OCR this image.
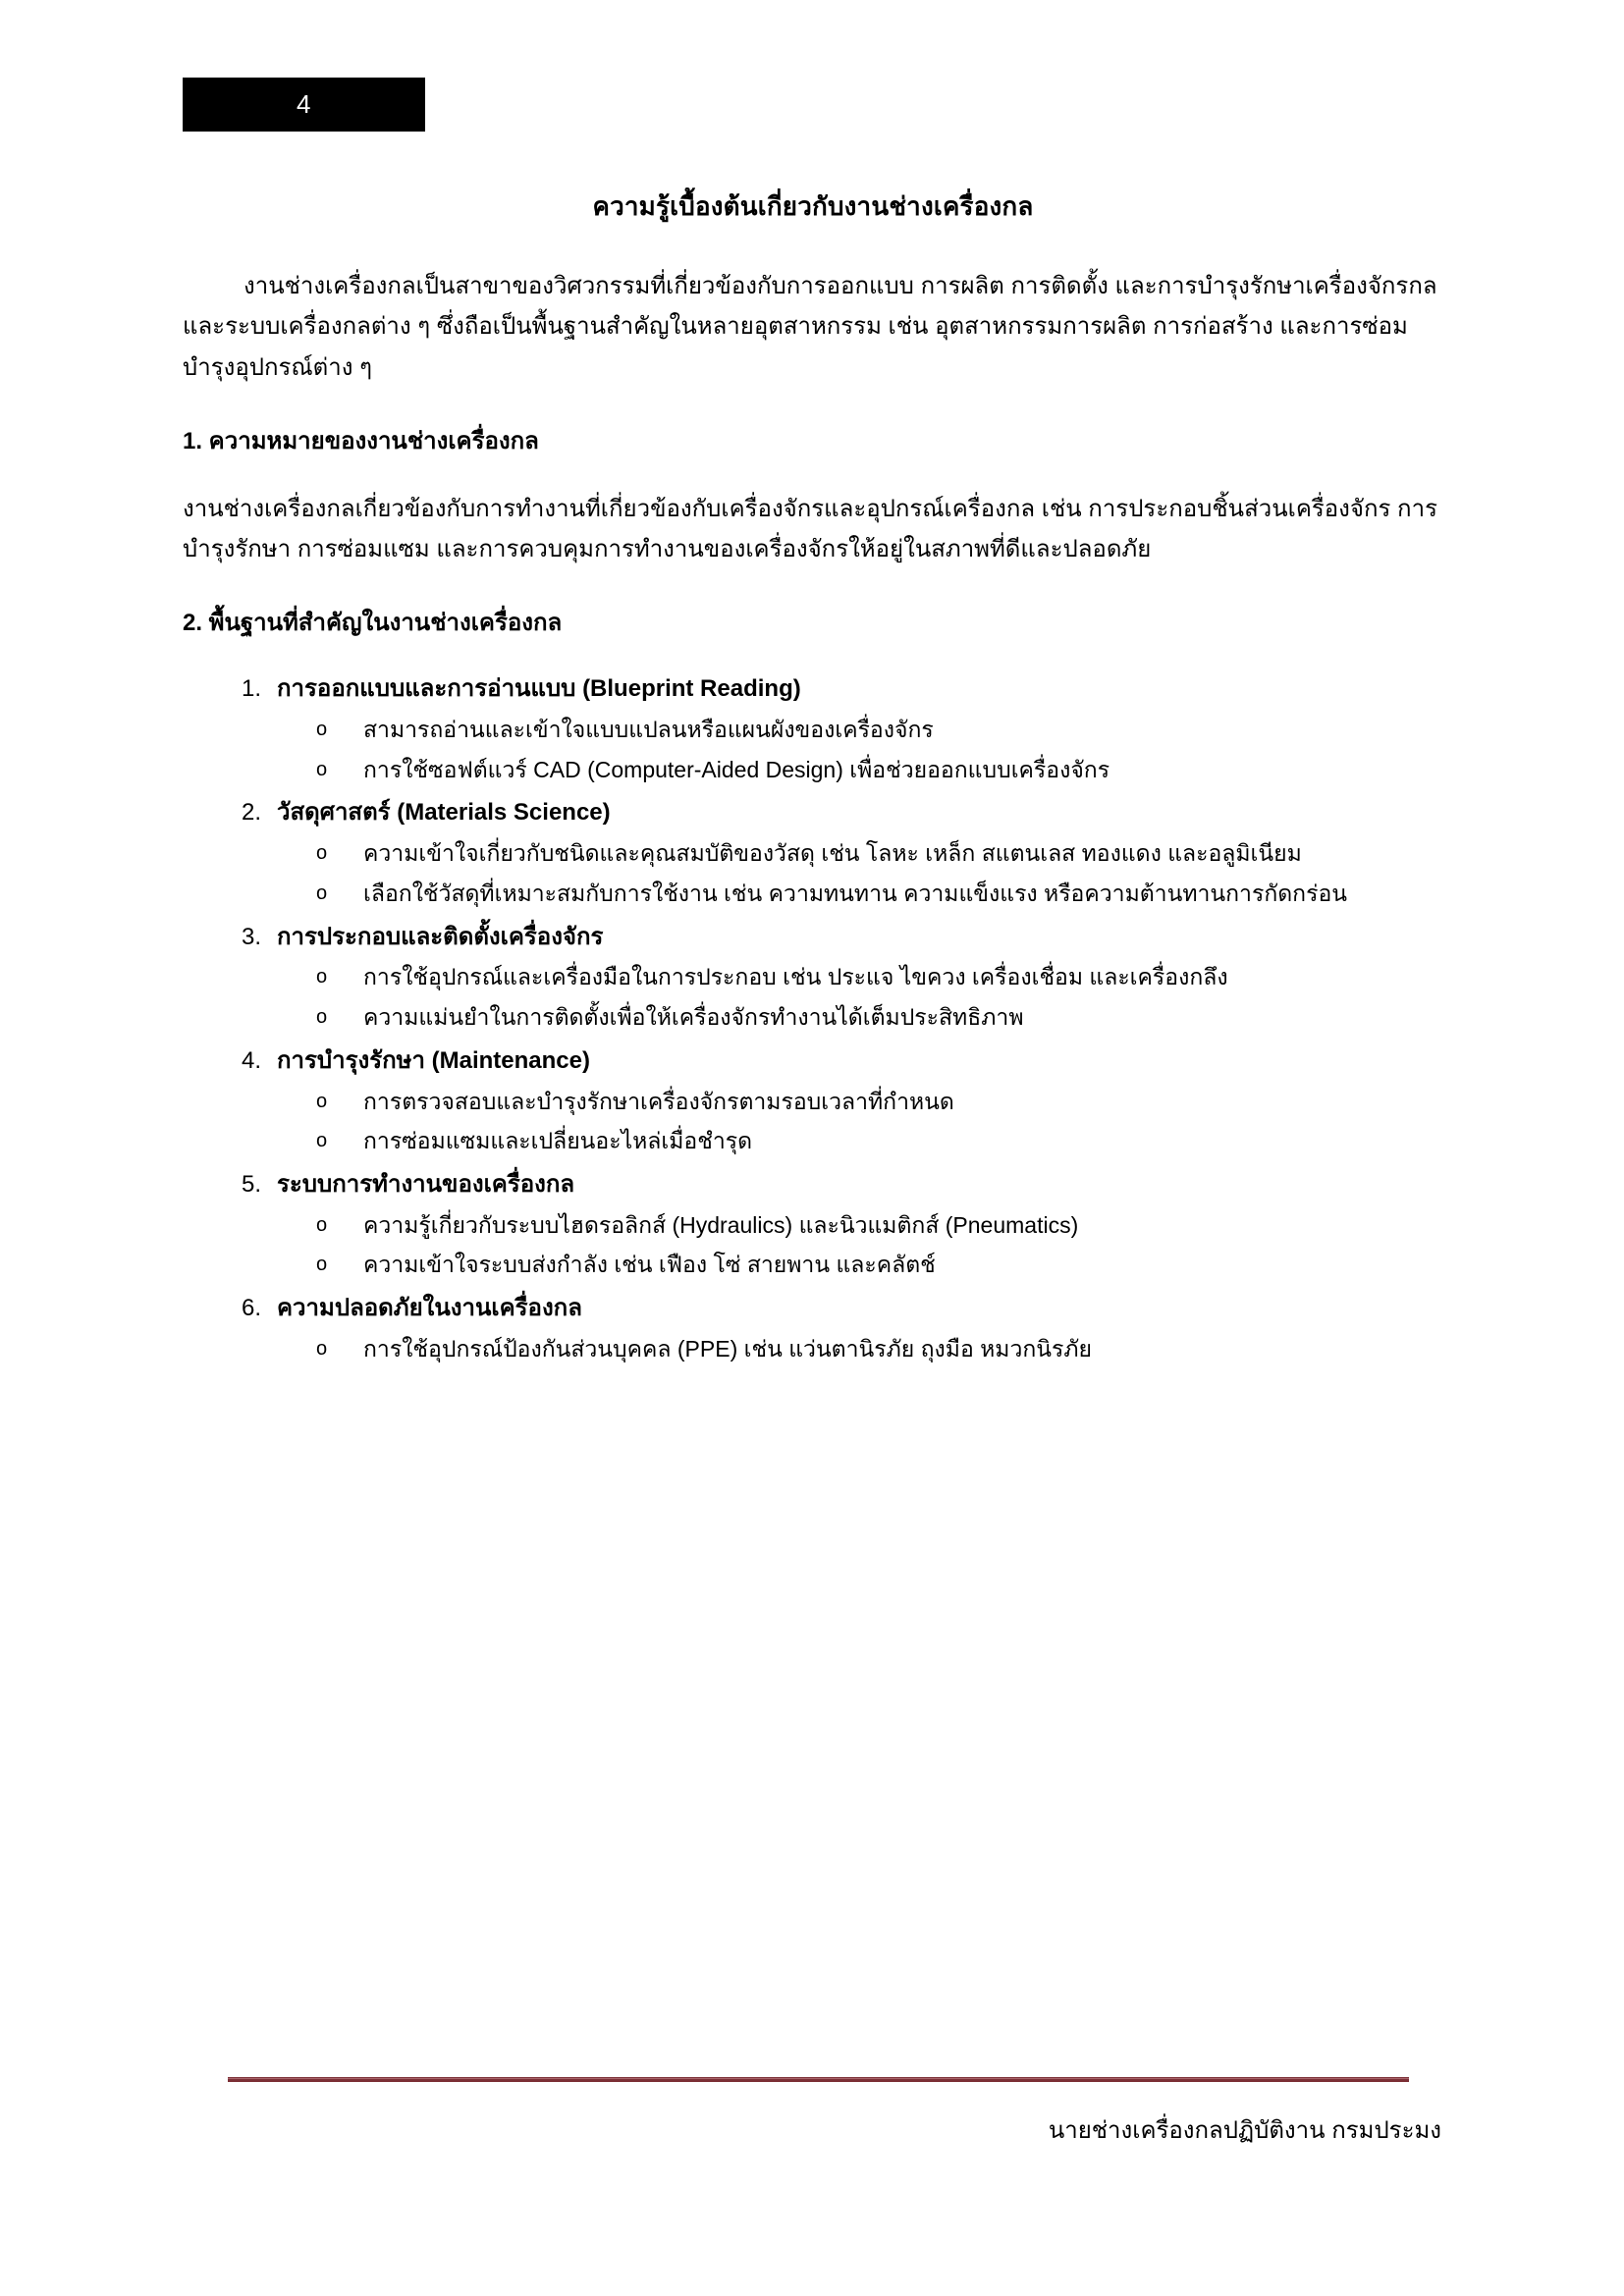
4
ความรู้เบื้องต้นเกี่ยวกับงานช่างเครื่องกล

งานช่างเครื่องกลเป็นสาขาของวิศวกรรมที่เกี่ยวข้องกับการออกแบบ การผลิต การติดตั้ง และการบำรุงรักษาเครื่องจักรกลและระบบเครื่องกลต่าง ๆ ซึ่งถือเป็นพื้นฐานสำคัญในหลายอุตสาหกรรม เช่น อุตสาหกรรมการผลิต การก่อสร้าง และการซ่อมบำรุงอุปกรณ์ต่าง ๆ

1. ความหมายของงานช่างเครื่องกล

งานช่างเครื่องกลเกี่ยวข้องกับการทำงานที่เกี่ยวข้องกับเครื่องจักรและอุปกรณ์เครื่องกล เช่น การประกอบชิ้นส่วนเครื่องจักร การบำรุงรักษา การซ่อมแซม และการควบคุมการทำงานของเครื่องจักรให้อยู่ในสภาพที่ดีและปลอดภัย

2. พื้นฐานที่สำคัญในงานช่างเครื่องกล
1. การออกแบบและการอ่านแบบ (Blueprint Reading)
o สามารถอ่านและเข้าใจแบบแปลนหรือแผนผังของเครื่องจักร
o การใช้ซอฟต์แวร์ CAD (Computer-Aided Design) เพื่อช่วยออกแบบเครื่องจักร
2. วัสดุศาสตร์ (Materials Science)
o ความเข้าใจเกี่ยวกับชนิดและคุณสมบัติของวัสดุ เช่น โลหะ เหล็ก สแตนเลส ทองแดง และอลูมิเนียม
o เลือกใช้วัสดุที่เหมาะสมกับการใช้งาน เช่น ความทนทาน ความแข็งแรง หรือความต้านทานการกัดกร่อน
3. การประกอบและติดตั้งเครื่องจักร
o การใช้อุปกรณ์และเครื่องมือในการประกอบ เช่น ประแจ ไขควง เครื่องเชื่อม และเครื่องกลึง
o ความแม่นยำในการติดตั้งเพื่อให้เครื่องจักรทำงานได้เต็มประสิทธิภาพ
4. การบำรุงรักษา (Maintenance)
o การตรวจสอบและบำรุงรักษาเครื่องจักรตามรอบเวลาที่กำหนด
o การซ่อมแซมและเปลี่ยนอะไหล่เมื่อชำรุด
5. ระบบการทำงานของเครื่องกล
o ความรู้เกี่ยวกับระบบไฮดรอลิกส์ (Hydraulics) และนิวแมติกส์ (Pneumatics)
o ความเข้าใจระบบส่งกำลัง เช่น เฟือง โซ่ สายพาน และคลัตช์
6. ความปลอดภัยในงานเครื่องกล
o การใช้อุปกรณ์ป้องกันส่วนบุคคล (PPE) เช่น แว่นตานิรภัย ถุงมือ หมวกนิรภัย
นายช่างเครื่องกลปฏิบัติงาน กรมประมง
